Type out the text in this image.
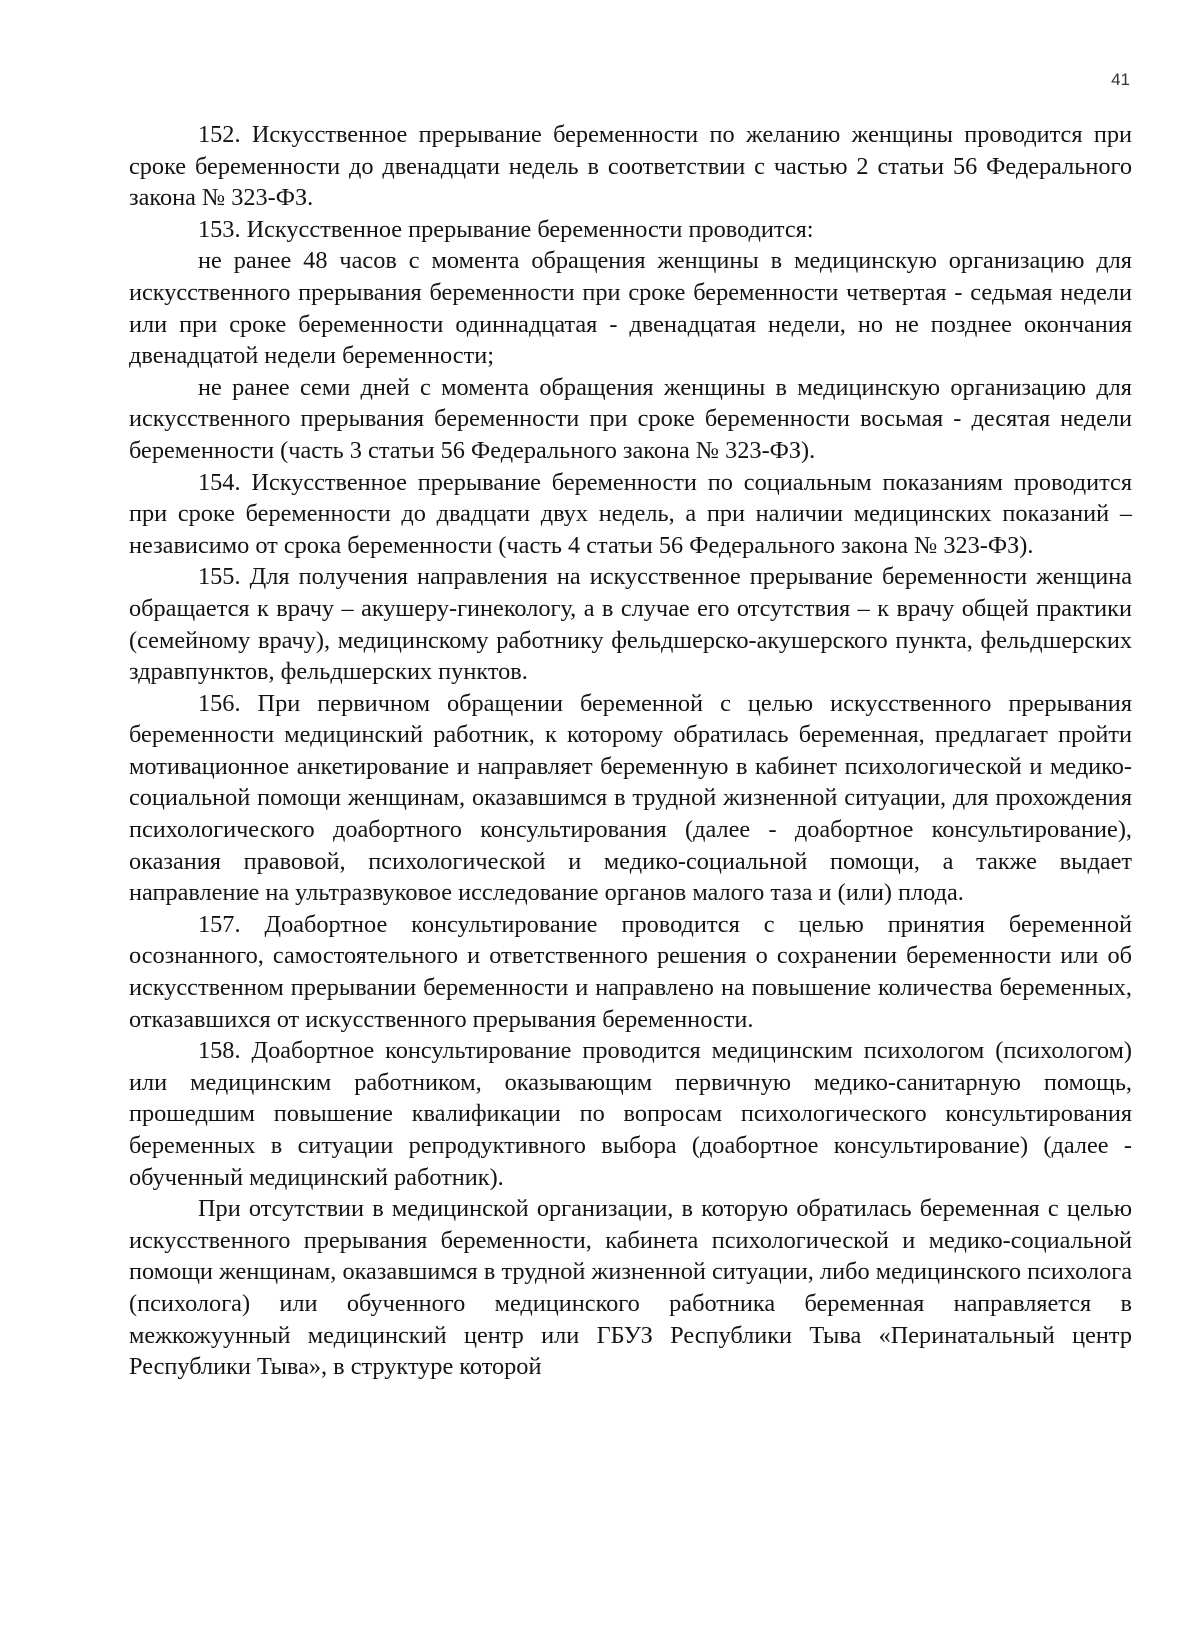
41

152. Искусственное прерывание беременности по желанию женщины проводится при сроке беременности до двенадцати недель в соответствии с частью 2 статьи 56 Федерального закона № 323-ФЗ.

153. Искусственное прерывание беременности проводится:

не ранее 48 часов с момента обращения женщины в медицинскую организацию для искусственного прерывания беременности при сроке беременности четвертая - седьмая недели или при сроке беременности одиннадцатая - двенадцатая недели, но не позднее окончания двенадцатой недели беременности;

не ранее семи дней с момента обращения женщины в медицинскую организацию для искусственного прерывания беременности при сроке беременности восьмая - десятая недели беременности (часть 3 статьи 56 Федерального закона № 323-ФЗ).

154. Искусственное прерывание беременности по социальным показаниям проводится при сроке беременности до двадцати двух недель, а при наличии медицинских показаний – независимо от срока беременности (часть 4 статьи 56 Федерального закона № 323-ФЗ).

155. Для получения направления на искусственное прерывание беременности женщина обращается к врачу – акушеру-гинекологу, а в случае его отсутствия – к врачу общей практики (семейному врачу), медицинскому работнику фельдшерско-акушерского пункта, фельдшерских здравпунктов, фельдшерских пунктов.

156. При первичном обращении беременной с целью искусственного прерывания беременности медицинский работник, к которому обратилась беременная, предлагает пройти мотивационное анкетирование и направляет беременную в кабинет психологической и медико-социальной помощи женщинам, оказавшимся в трудной жизненной ситуации, для прохождения психологического доабортного консультирования (далее - доабортное консультирование), оказания правовой, психологической и медико-социальной помощи, а также выдает направление на ультразвуковое исследование органов малого таза и (или) плода.

157. Доабортное консультирование проводится с целью принятия беременной осознанного, самостоятельного и ответственного решения о сохранении беременности или об искусственном прерывании беременности и направлено на повышение количества беременных, отказавшихся от искусственного прерывания беременности.

158. Доабортное консультирование проводится медицинским психологом (психологом) или медицинским работником, оказывающим первичную медико-санитарную помощь, прошедшим повышение квалификации по вопросам психологического консультирования беременных в ситуации репродуктивного выбора (доабортное консультирование) (далее - обученный медицинский работник).

При отсутствии в медицинской организации, в которую обратилась беременная с целью искусственного прерывания беременности, кабинета психологической и медико-социальной помощи женщинам, оказавшимся в трудной жизненной ситуации, либо медицинского психолога (психолога) или обученного медицинского работника беременная направляется в межкожуунный медицинский центр или ГБУЗ Республики Тыва «Перинатальный центр Республики Тыва», в структуре которой
